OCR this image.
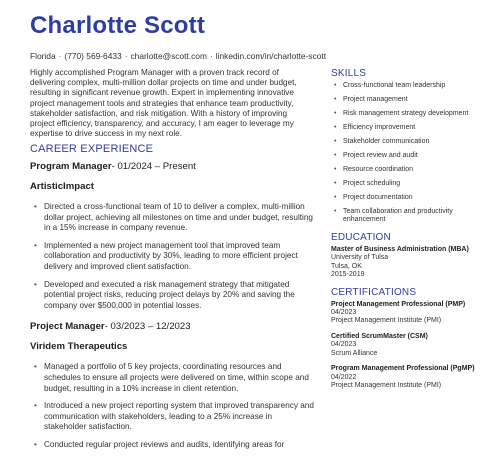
Charlotte Scott
Florida · (770) 569-6433 · charlotte@scott.com · linkedin.com/in/charlotte-scott

Highly accomplished Program Manager with a proven track record of delivering complex, multi-million dollar projects on time and under budget, resulting in significant revenue growth. Expert in implementing innovative project management tools and strategies that enhance team productivity, stakeholder satisfaction, and risk mitigation. With a history of improving project efficiency, transparency, and accuracy, I am eager to leverage my expertise to drive success in my next role.

CAREER EXPERIENCE

Program Manager- 01/2024 – Present

ArtisticImpact

• Directed a cross-functional team of 10 to deliver a complex, multi-million dollar project, achieving all milestones on time and under budget, resulting in a 15% increase in company revenue.
• Implemented a new project management tool that improved team collaboration and productivity by 30%, leading to more efficient project delivery and improved client satisfaction.
• Developed and executed a risk management strategy that mitigated potential project risks, reducing project delays by 20% and saving the company over $500,000 in potential losses.

Project Manager- 03/2023 – 12/2023

Viridem Therapeutics

• Managed a portfolio of 5 key projects, coordinating resources and schedules to ensure all projects were delivered on time, within scope and budget, resulting in a 10% increase in client retention.
• Introduced a new project reporting system that improved transparency and communication with stakeholders, leading to a 25% increase in stakeholder satisfaction.
• Conducted regular project reviews and audits, identifying areas for
SKILLS
• Cross-functional team leadership
• Project management
• Risk management strategy development
• Efficiency improvement
• Stakeholder communication
• Project review and audit
• Resource coordination
• Project scheduling
• Project documentation
• Team collaboration and productivity enhancement
EDUCATION
Master of Business Administration (MBA)
University of Tulsa
Tulsa, OK
2015-2019
CERTIFICATIONS
Project Management Professional (PMP)
04/2023
Project Management Institute (PMI)
Certified ScrumMaster (CSM)
04/2023
Scrum Alliance
Program Management Professional (PgMP)
04/2022
Project Management Institute (PMI)
